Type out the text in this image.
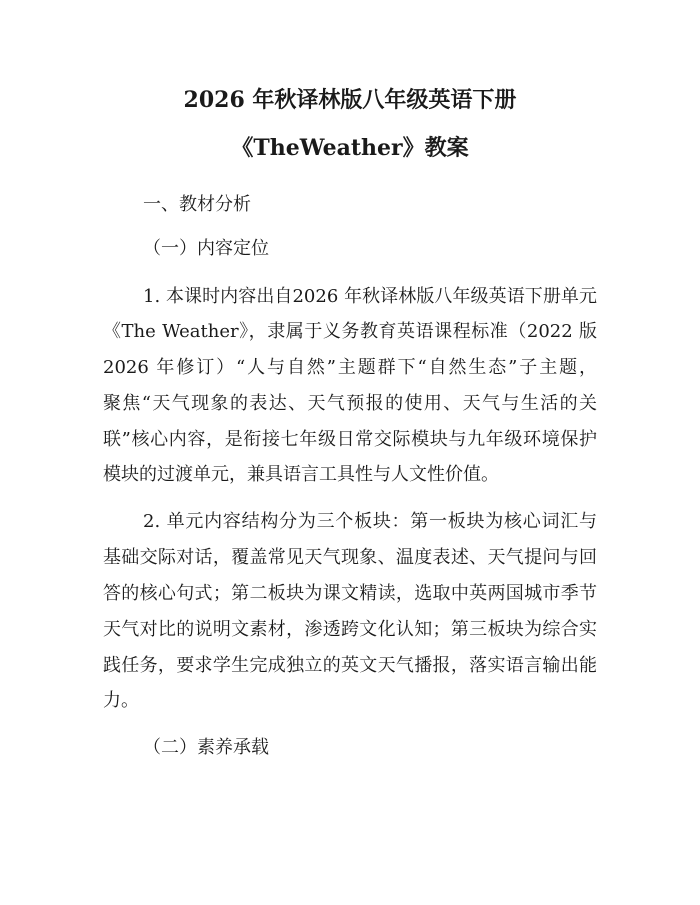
2026 年秋译林版八年级英语下册
《TheWeather》教案
一、教材分析
（一）内容定位
1. 本课时内容出自2026 年秋译林版八年级英语下册单元
《The Weather》，隶属于义务教育英语课程标准（2022 版
2026 年修订）“人与自然”主题群下“自然生态”子主题，
聚焦“天气现象的表达、天气预报的使用、天气与生活的关
联”核心内容，是衔接七年级日常交际模块与九年级环境保护
模块的过渡单元，兼具语言工具性与人文性价值。
2. 单元内容结构分为三个板块：第一板块为核心词汇与
基础交际对话，覆盖常见天气现象、温度表述、天气提问与回
答的核心句式；第二板块为课文精读，选取中英两国城市季节
天气对比的说明文素材，渗透跨文化认知；第三板块为综合实
践任务，要求学生完成独立的英文天气播报，落实语言输出能
力。
（二）素养承载
